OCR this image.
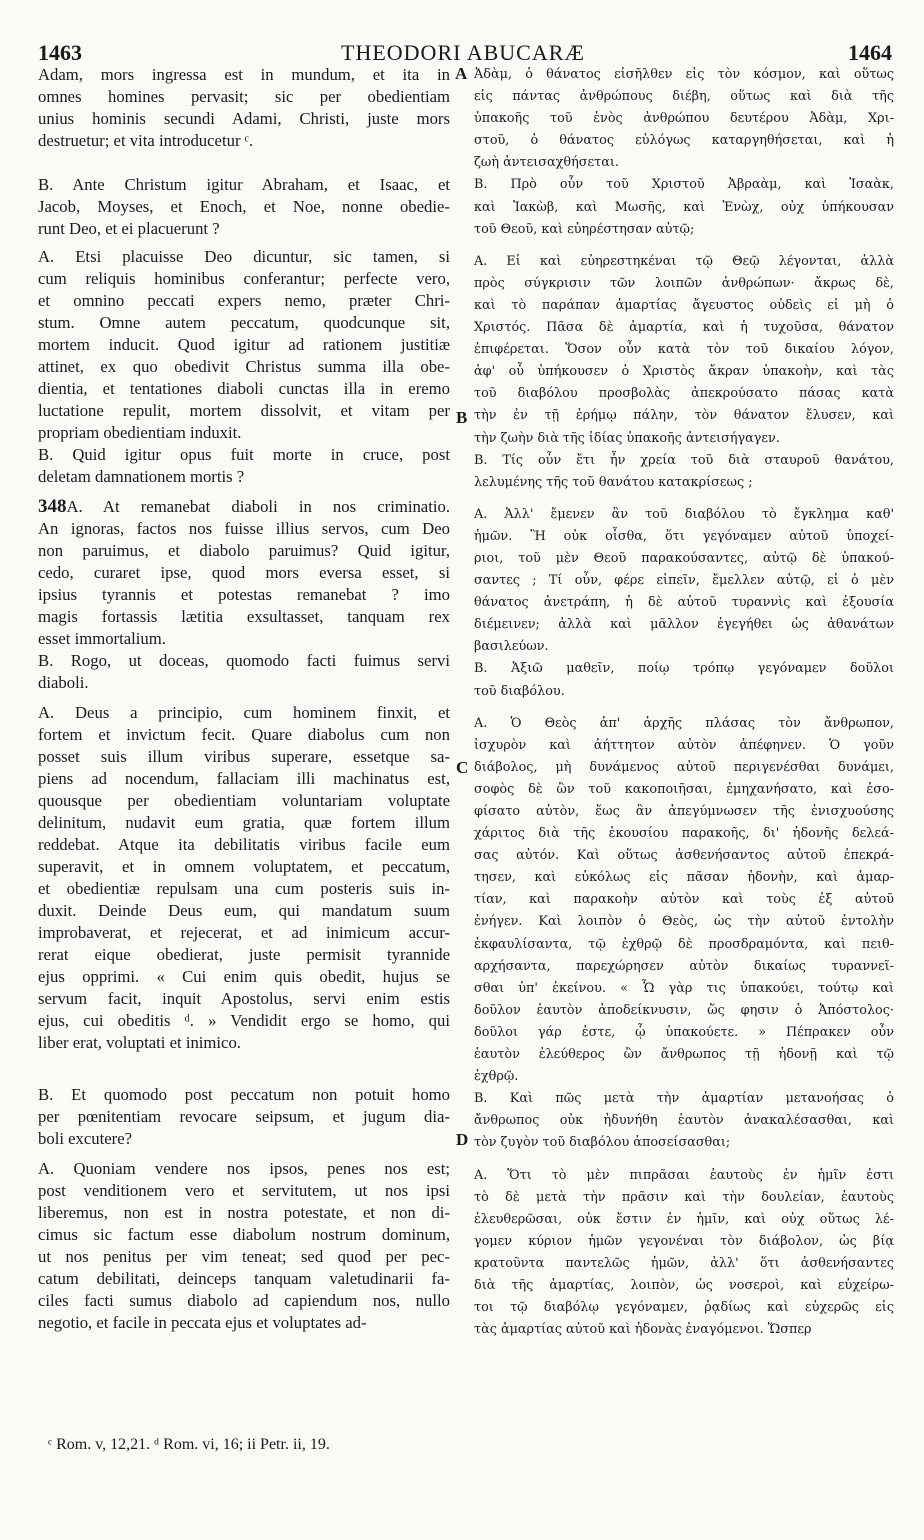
1463	THEODORI ABUCARÆ	1464
Adam, mors ingressa est in mundum, et ita in
omnes homines pervasit; sic per obedientiam
unius hominis secundi Adami, Christi, juste mors
destruetur; et vita introducetur ᶜ.
B. Ante Christum igitur Abraham, et Isaac, et
Jacob, Moyses, et Enoch, et Noe, nonne obedie-
runt Deo, et ei placuerunt ?
A. Etsi placuisse Deo dicuntur, sic tamen, si
cum reliquis hominibus conferantur; perfecte vero,
et omnino peccati expers nemo, præter Chri-
stum. Omne autem peccatum, quodcunque sit,
mortem inducit. Quod igitur ad rationem justitiæ
attinet, ex quo obedivit Christus summa illa obe-
dientia, et tentationes diaboli cunctas illa in eremo
luctatione repulit, mortem dissolvit, et vitam per
propriam obedientiam induxit.
B. Quid igitur opus fuit morte in cruce, post
deletam damnationem mortis ?
348A. At remanebat diaboli in nos criminatio.
An ignoras, factos nos fuisse illius servos, cum Deo
non paruimus, et diabolo paruimus? Quid igitur,
cedo, curaret ipse, quod mors eversa esset, si
ipsius tyrannis et potestas remanebat ? imo
magis fortassis lætitia exsultasset, tanquam rex
esset immortalium.
B. Rogo, ut doceas, quomodo facti fuimus servi
diaboli.
A. Deus a principio, cum hominem finxit, et
fortem et invictum fecit. Quare diabolus cum non
posset suis illum viribus superare, essetque sa-
piens ad nocendum, fallaciam illi machinatus est,
quousque per obedientiam voluntariam voluptate
delinitum, nudavit eum gratia, quæ fortem illum
reddebat. Atque ita debilitatis viribus facile eum
superavit, et in omnem voluptatem, et peccatum,
et obedientiæ repulsam una cum posteris suis in-
duxit. Deinde Deus eum, qui mandatum suum
improbaverat, et rejecerat, et ad inimicum accur-
rerat eique obedierat, juste permisit tyrannide
ejus opprimi. « Cui enim quis obedit, hujus se
servum facit, inquit Apostolus, servi enim estis
ejus, cui obeditis ᵈ. » Vendidit ergo se homo, qui
liber erat, voluptati et inimico.
B. Et quomodo post peccatum non potuit homo
per pœnitentiam revocare seipsum, et jugum dia-
boli excutere?
A. Quoniam vendere nos ipsos, penes nos est;
post venditionem vero et servitutem, ut nos ipsi
liberemus, non est in nostra potestate, et non di-
cimus sic factum esse diabolum nostrum dominum,
ut nos penitus per vim teneat; sed quod per pec-
catum debilitati, deinceps tanquam valetudinarii fa-
ciles facti sumus diabolo ad capiendum nos, nullo
negotio, et facile in peccata ejus et voluptates ad-
Ἀδὰμ, ὁ θάνατος εἰσῆλθεν εἰς τὸν κόσμον, καὶ οὕτως
εἰς πάντας ἀνθρώπους διέβη, οὕτως καὶ διὰ τῆς
ὑπακοῆς τοῦ ἑνὸς ἀνθρώπου δευτέρου Ἀδὰμ, Χρι-
στοῦ, ὁ θάνατος εὐλόγως καταργηθήσεται, καὶ ἡ
ζωὴ ἀντεισαχθήσεται.
B. Πρὸ οὖν τοῦ Χριστοῦ Ἀβραὰμ, καὶ Ἰσαὰκ,
καὶ Ἰακὼβ, καὶ Μωσῆς, καὶ Ἐνὼχ, οὐχ ὑπήκουσαν
τοῦ Θεοῦ, καὶ εὐηρέστησαν αὐτῷ;
A. Εἰ καὶ εὐηρεστηκέναι τῷ Θεῷ λέγονται, ἀλλὰ
πρὸς σύγκρισιν τῶν λοιπῶν ἀνθρώπων· ἄκρως δὲ,
καὶ τὸ παράπαν ἁμαρτίας ἄγευστος οὐδεὶς εἰ μὴ ὁ
Χριστός. Πᾶσα δὲ ἁμαρτία, καὶ ἡ τυχοῦσα, θάνατον
ἐπιφέρεται. Ὅσον οὖν κατὰ τὸν τοῦ δικαίου λόγον,
ἀφ' οὗ ὑπήκουσεν ὁ Χριστὸς ἄκραν ὑπακοὴν, καὶ τὰς
τοῦ διαβόλου προσβολὰς ἀπεκρούσατο πάσας κατὰ
τὴν ἐν τῇ ἐρήμῳ πάλην, τὸν θάνατον ἔλυσεν, καὶ
τὴν ζωὴν διὰ τῆς ἰδίας ὑπακοῆς ἀντεισήγαγεν.
B. Τίς οὖν ἔτι ἦν χρεία τοῦ διὰ σταυροῦ θανάτου,
λελυμένης τῆς τοῦ θανάτου κατακρίσεως ;
A. Ἀλλ' ἔμενεν ἂν τοῦ διαβόλου τὸ ἔγκλημα καθ'
ἡμῶν. Ἢ οὐκ οἶσθα, ὅτι γεγόναμεν αὐτοῦ ὑποχεί-
ριοι, τοῦ μὲν Θεοῦ παρακούσαντες, αὐτῷ δὲ ὑπακού-
σαντες ; Τί οὖν, φέρε εἰπεῖν, ἔμελλεν αὐτῷ, εἰ ὁ μὲν
θάνατος ἀνετράπη, ἡ δὲ αὐτοῦ τυραννὶς καὶ ἐξουσία
διέμεινεν; ἀλλὰ καὶ μᾶλλον ἐγεγήθει ὡς ἀθανάτων
βασιλεύων.
B. Ἀξιῶ μαθεῖν, ποίῳ τρόπῳ γεγόναμεν δοῦλοι
τοῦ διαβόλου.
A. Ὁ Θεὸς ἀπ' ἀρχῆς πλάσας τὸν ἄνθρωπον,
ἰσχυρὸν καὶ ἀήττητον αὐτὸν ἀπέφηνεν. Ὁ γοῦν
διάβολος, μὴ δυνάμενος αὐτοῦ περιγενέσθαι δυνάμει,
σοφὸς δὲ ὢν τοῦ κακοποιῆσαι, ἐμηχανήσατο, καὶ ἐσο-
φίσατο αὐτὸν, ἕως ἂν ἀπεγύμνωσεν τῆς ἐνισχυούσης
χάριτος διὰ τῆς ἑκουσίου παρακοῆς, δι' ἡδονῆς δελεά-
σας αὐτόν. Καὶ οὕτως ἀσθενήσαντος αὐτοῦ ἐπεκρά-
τησεν, καὶ εὐκόλως εἰς πᾶσαν ἡδονὴν, καὶ ἁμαρ-
τίαν, καὶ παρακοὴν αὐτὸν καὶ τοὺς ἐξ αὐτοῦ
ἐνήγεν. Καὶ λοιπὸν ὁ Θεὸς, ὡς τὴν αὐτοῦ ἐντολὴν
ἐκφαυλίσαντα, τῷ ἐχθρῷ δὲ προσδραμόντα, καὶ πειθ-
αρχήσαντα, παρεχώρησεν αὐτὸν δικαίως τυραννεῖ-
σθαι ὑπ' ἐκείνου. « Ὧ γὰρ τις ὑπακούει, τούτῳ καὶ
δοῦλον ἑαυτὸν ἀποδείκνυσιν, ὥς φησιν ὁ Ἀπόστολος·
δοῦλοι γάρ ἐστε, ᾧ ὑπακούετε. » Πέπρακεν οὖν
ἑαυτὸν ἐλεύθερος ὢν ἄνθρωπος τῇ ἡδονῇ καὶ τῷ
ἐχθρῷ.
B. Καὶ πῶς μετὰ τὴν ἁμαρτίαν μετανοήσας ὁ
ἄνθρωπος οὐκ ἠδυνήθη ἑαυτὸν ἀνακαλέσασθαι, καὶ
τὸν ζυγὸν τοῦ διαβόλου ἀποσείσασθαι;
A. Ὅτι τὸ μὲν πιπρᾶσαι ἑαυτοὺς ἐν ἡμῖν ἐστι
τὸ δὲ μετὰ τὴν πρᾶσιν καὶ τὴν δουλείαν, ἑαυτοὺς
ἐλευθερῶσαι, οὐκ ἔστιν ἐν ἡμῖν, καὶ οὐχ οὕτως λέ-
γομεν κύριον ἡμῶν γεγονέναι τὸν διάβολον, ὡς βίᾳ
κρατοῦντα παντελῶς ἡμῶν, ἀλλ' ὅτι ἀσθενήσαντες
διὰ τῆς ἁμαρτίας, λοιπὸν, ὡς νοσεροὶ, καὶ εὐχείρω-
τοι τῷ διαβόλῳ γεγόναμεν, ῥᾳδίως καὶ εὐχερῶς εἰς
τὰς ἁμαρτίας αὐτοῦ καὶ ἡδονὰς ἐναγόμενοι. Ὥσπερ
A
B
C
D
ᶜ Rom. v, 12,21. ᵈ Rom. vi, 16; ii Petr. ii, 19.
